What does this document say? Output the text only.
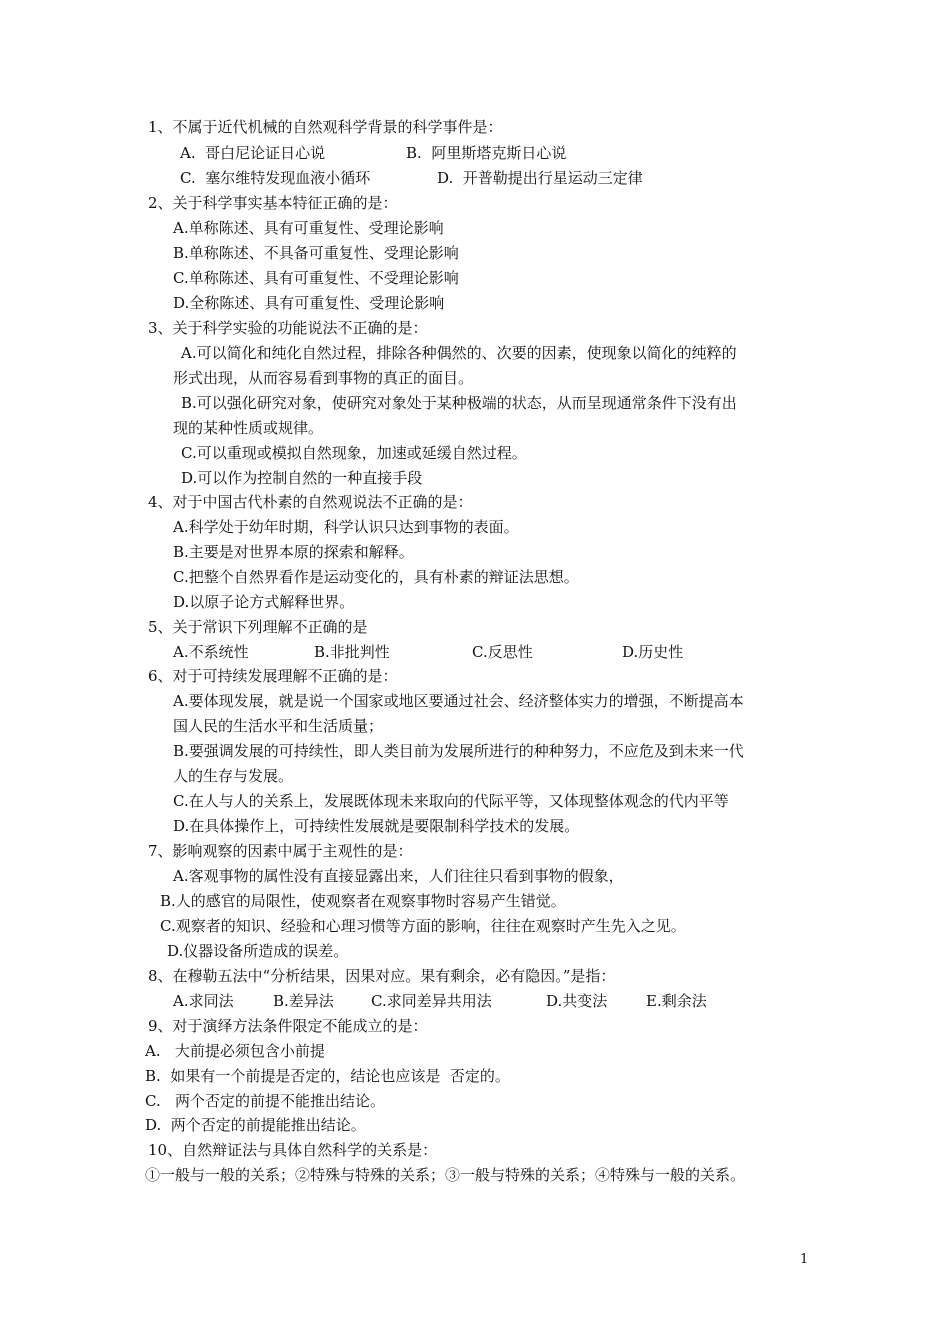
1、不属于近代机械的自然观科学背景的科学事件是：
A.  哥白尼论证日心说	B.  阿里斯塔克斯日心说
C.  塞尔维特发现血液小循环	D.  开普勒提出行星运动三定律
2、关于科学事实基本特征正确的是：
A.单称陈述、具有可重复性、受理论影响
B.单称陈述、不具备可重复性、受理论影响
C.单称陈述、具有可重复性、不受理论影响
D.全称陈述、具有可重复性、受理论影响
3、关于科学实验的功能说法不正确的是：
A.可以简化和纯化自然过程，排除各种偶然的、次要的因素，使现象以简化的纯粹的
形式出现，从而容易看到事物的真正的面目。
B.可以强化研究对象，使研究对象处于某种极端的状态，从而呈现通常条件下没有出
现的某种性质或规律。
C.可以重现或模拟自然现象，加速或延缓自然过程。
D.可以作为控制自然的一种直接手段
4、对于中国古代朴素的自然观说法不正确的是：
A.科学处于幼年时期，科学认识只达到事物的表面。
B.主要是对世界本原的探索和解释。
C.把整个自然界看作是运动变化的，具有朴素的辩证法思想。
D.以原子论方式解释世界。
5、关于常识下列理解不正确的是
A.不系统性	B.非批判性	C.反思性	D.历史性
6、对于可持续发展理解不正确的是：
A.要体现发展，就是说一个国家或地区要通过社会、经济整体实力的增强，不断提高本
国人民的生活水平和生活质量；
B.要强调发展的可持续性，即人类目前为发展所进行的种种努力，不应危及到未来一代
人的生存与发展。
C.在人与人的关系上，发展既体现未来取向的代际平等，又体现整体观念的代内平等
D.在具体操作上，可持续性发展就是要限制科学技术的发展。
7、影响观察的因素中属于主观性的是：
A.客观事物的属性没有直接显露出来，人们往往只看到事物的假象，
B.人的感官的局限性，使观察者在观察事物时容易产生错觉。
C.观察者的知识、经验和心理习惯等方面的影响，往往在观察时产生先入之见。
D.仪器设备所造成的误差。
8、在穆勒五法中“分析结果，因果对应。果有剩余，必有隐因。”是指：
A.求同法	B.差异法 C.求同差异共用法	D.共变法	E.剩余法
9、对于演绎方法条件限定不能成立的是：
A.   大前提必须包含小前提
B.  如果有一个前提是否定的，结论也应该是  否定的。
C.   两个否定的前提不能推出结论。
D.  两个否定的前提能推出结论。
10、自然辩证法与具体自然科学的关系是：
①一般与一般的关系；②特殊与特殊的关系；③一般与特殊的关系；④特殊与一般的关系。
1
